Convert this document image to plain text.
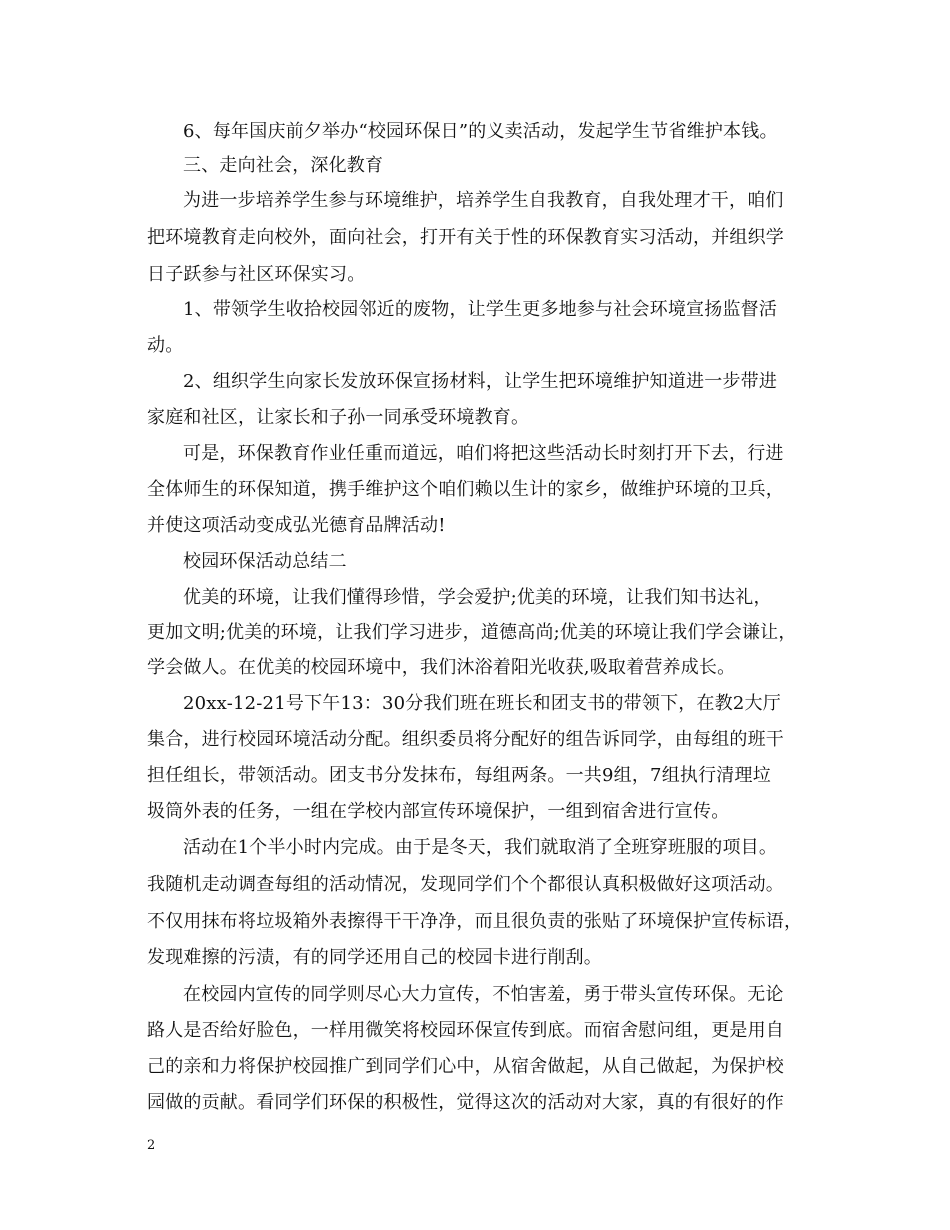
6、每年国庆前夕举办“校园环保日”的义卖活动，发起学生节省维护本钱。
三、走向社会，深化教育
为进一步培养学生参与环境维护，培养学生自我教育，自我处理才干，咱们
把环境教育走向校外，面向社会，打开有关于性的环保教育实习活动，并组织学
日子跃参与社区环保实习。
1、带领学生收拾校园邻近的废物，让学生更多地参与社会环境宣扬监督活
动。
2、组织学生向家长发放环保宣扬材料，让学生把环境维护知道进一步带进
家庭和社区，让家长和子孙一同承受环境教育。
可是，环保教育作业任重而道远，咱们将把这些活动长时刻打开下去，行进
全体师生的环保知道，携手维护这个咱们赖以生计的家乡，做维护环境的卫兵，
并使这项活动变成弘光德育品牌活动!
校园环保活动总结二
优美的环境，让我们懂得珍惜，学会爱护;优美的环境，让我们知书达礼，
更加文明;优美的环境，让我们学习进步，道德高尚;优美的环境让我们学会谦让，
学会做人。在优美的校园环境中，我们沐浴着阳光收获,吸取着营养成长。
20xx-12-21号下午13：30分我们班在班长和团支书的带领下，在教2大厅
集合，进行校园环境活动分配。组织委员将分配好的组告诉同学，由每组的班干
担任组长，带领活动。团支书分发抹布，每组两条。一共9组，7组执行清理垃
圾筒外表的任务，一组在学校内部宣传环境保护，一组到宿舍进行宣传。
活动在1个半小时内完成。由于是冬天，我们就取消了全班穿班服的项目。
我随机走动调查每组的活动情况，发现同学们个个都很认真积极做好这项活动。
不仅用抹布将垃圾箱外表擦得干干净净，而且很负责的张贴了环境保护宣传标语，
发现难擦的污渍，有的同学还用自己的校园卡进行削刮。
在校园内宣传的同学则尽心大力宣传，不怕害羞，勇于带头宣传环保。无论
路人是否给好脸色，一样用微笑将校园环保宣传到底。而宿舍慰问组，更是用自
己的亲和力将保护校园推广到同学们心中，从宿舍做起，从自己做起，为保护校
园做的贡献。看同学们环保的积极性，觉得这次的活动对大家，真的有很好的作
2
